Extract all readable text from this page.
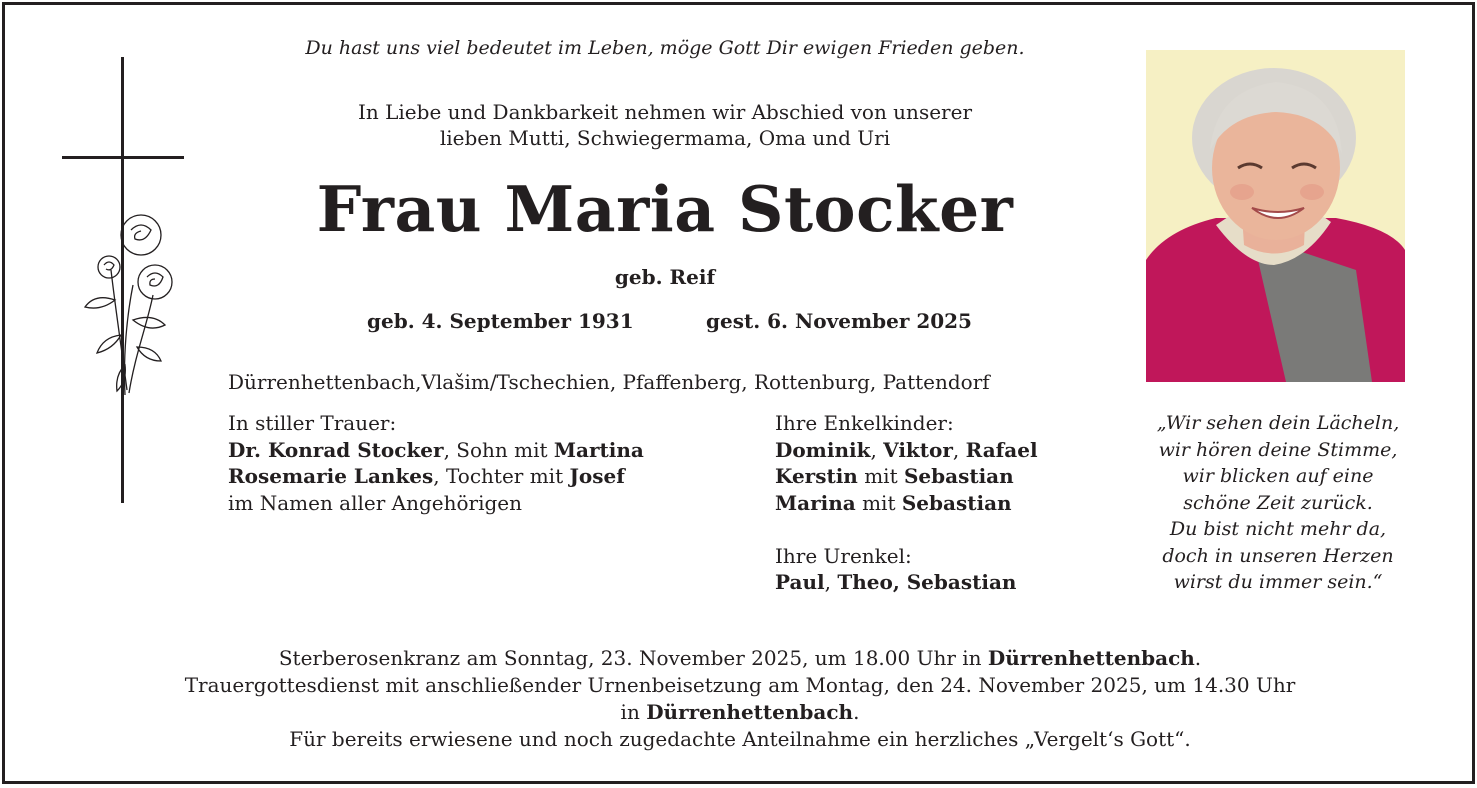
Du hast uns viel bedeutet im Leben, möge Gott Dir ewigen Frieden geben.
In Liebe und Dankbarkeit nehmen wir Abschied von unserer
lieben Mutti, Schwiegermama, Oma und Uri
Frau Maria Stocker
geb. Reif
geb. 4. September 1931	gest. 6. November 2025
Dürrenhettenbach,Vlašim/Tschechien, Pfaffenberg, Rottenburg, Pattendorf
In stiller Trauer:
Dr. Konrad Stocker, Sohn mit Martina
Rosemarie Lankes, Tochter mit Josef
im Namen aller Angehörigen
Ihre Enkelkinder:
Dominik, Viktor, Rafael
Kerstin mit Sebastian
Marina mit Sebastian
Ihre Urenkel:
Paul, Theo, Sebastian
„Wir sehen dein Lächeln,
wir hören deine Stimme,
wir blicken auf eine
schöne Zeit zurück.
Du bist nicht mehr da,
doch in unseren Herzen
wirst du immer sein.“
Sterberosenkranz am Sonntag, 23. November 2025, um 18.00 Uhr in Dürrenhettenbach.
Trauergottesdienst mit anschließender Urnenbeisetzung am Montag, den 24. November 2025, um 14.30 Uhr
in Dürrenhettenbach.
Für bereits erwiesene und noch zugedachte Anteilnahme ein herzliches „Vergelt‘s Gott“.
